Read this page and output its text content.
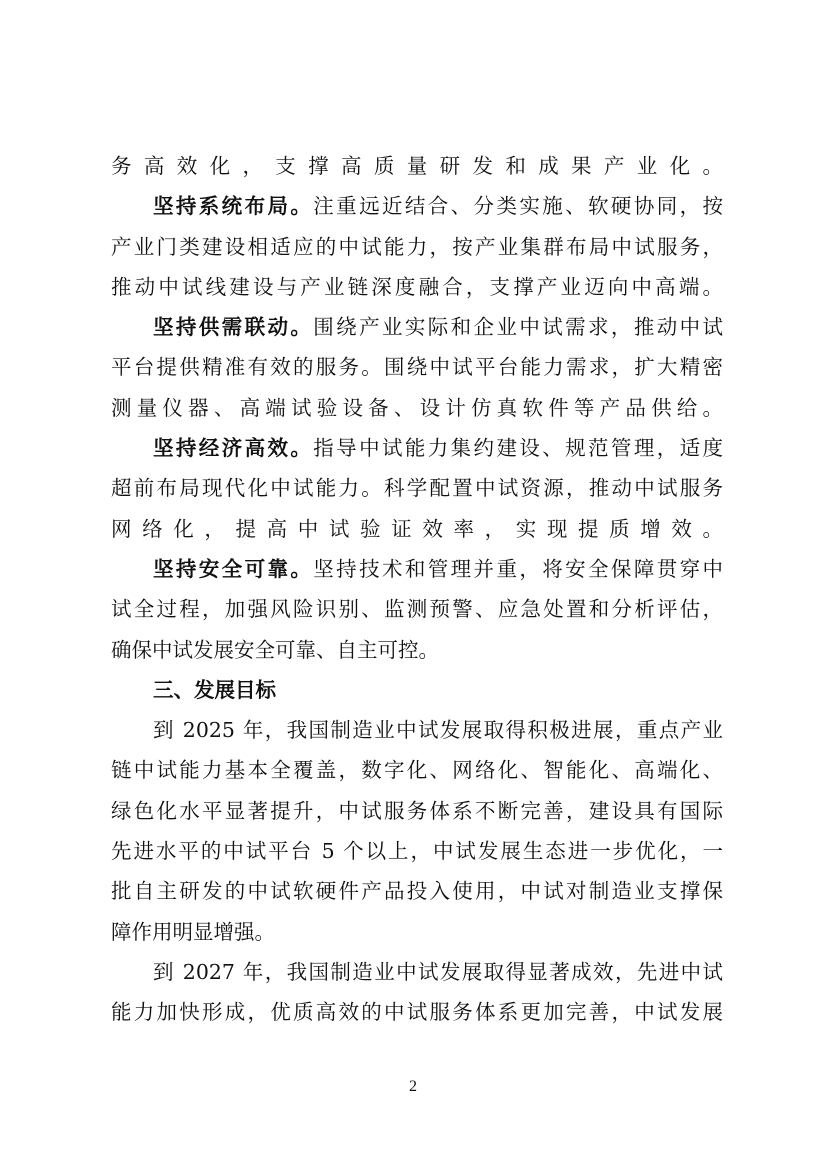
务高效化，支撑高质量研发和成果产业化。
坚持系统布局。注重远近结合、分类实施、软硬协同，按
产业门类建设相适应的中试能力，按产业集群布局中试服务，
推动中试线建设与产业链深度融合，支撑产业迈向中高端。
坚持供需联动。围绕产业实际和企业中试需求，推动中试
平台提供精准有效的服务。围绕中试平台能力需求，扩大精密
测量仪器、高端试验设备、设计仿真软件等产品供给。
坚持经济高效。指导中试能力集约建设、规范管理，适度
超前布局现代化中试能力。科学配置中试资源，推动中试服务
网络化，提高中试验证效率，实现提质增效。
坚持安全可靠。坚持技术和管理并重，将安全保障贯穿中
试全过程，加强风险识别、监测预警、应急处置和分析评估，
确保中试发展安全可靠、自主可控。
三、发展目标
到 2025 年，我国制造业中试发展取得积极进展，重点产业
链中试能力基本全覆盖，数字化、网络化、智能化、高端化、
绿色化水平显著提升，中试服务体系不断完善，建设具有国际
先进水平的中试平台 5 个以上，中试发展生态进一步优化，一
批自主研发的中试软硬件产品投入使用，中试对制造业支撑保
障作用明显增强。
到 2027 年，我国制造业中试发展取得显著成效，先进中试
能力加快形成，优质高效的中试服务体系更加完善，中试发展
2
